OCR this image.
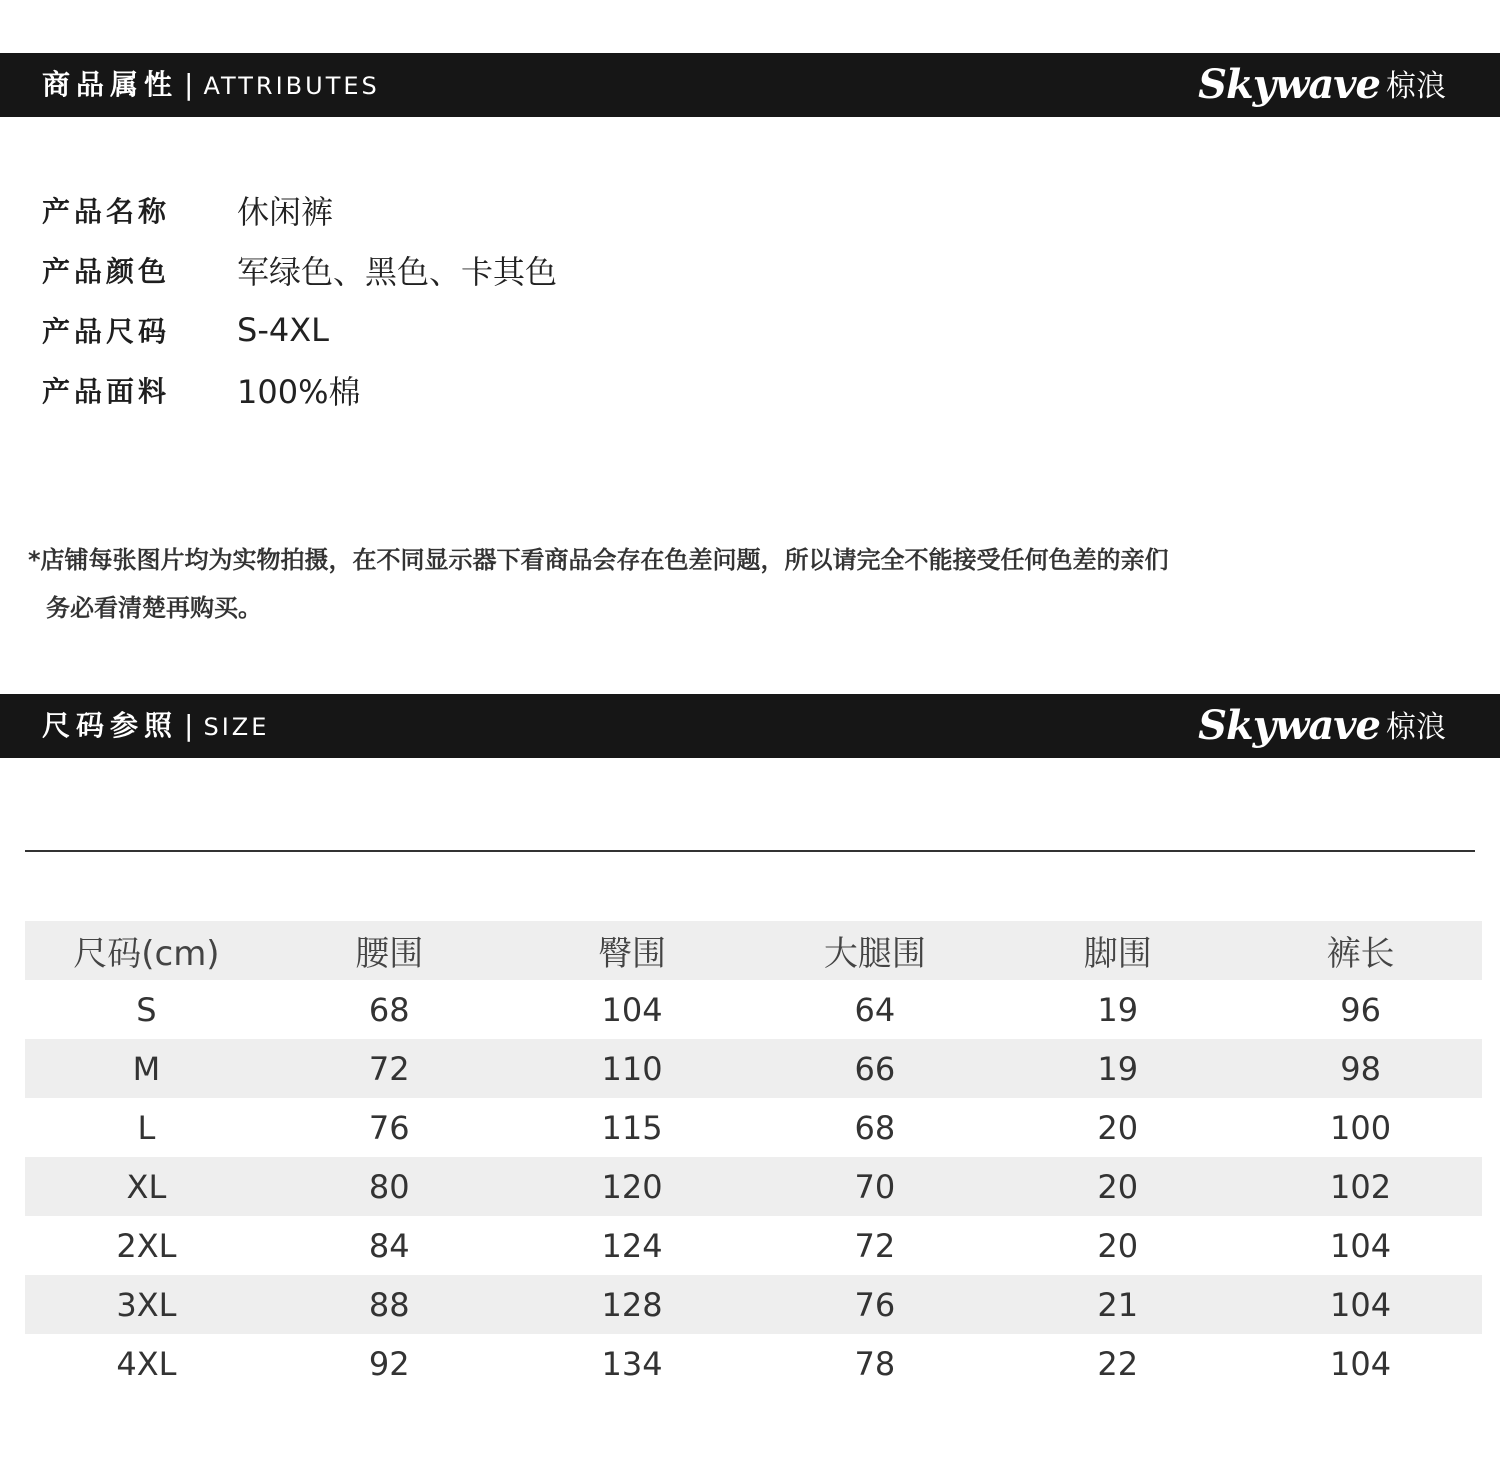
商品属性 | ATTRIBUTES	Skywave 椋浪
产品名称	休闲裤
产品颜色	军绿色、黑色、卡其色
产品尺码	S-4XL
产品面料	100%棉
*店铺每张图片均为实物拍摄，在不同显示器下看商品会存在色差问题，所以请完全不能接受任何色差的亲们
务必看清楚再购买。
尺码参照 | SIZE	Skywave 椋浪
尺码(cm)	腰围	臀围	大腿围	脚围	裤长
S	68	104	64	19	96
M	72	110	66	19	98
L	76	115	68	20	100
XL	80	120	70	20	102
2XL	84	124	72	20	104
3XL	88	128	76	21	104
4XL	92	134	78	22	104
